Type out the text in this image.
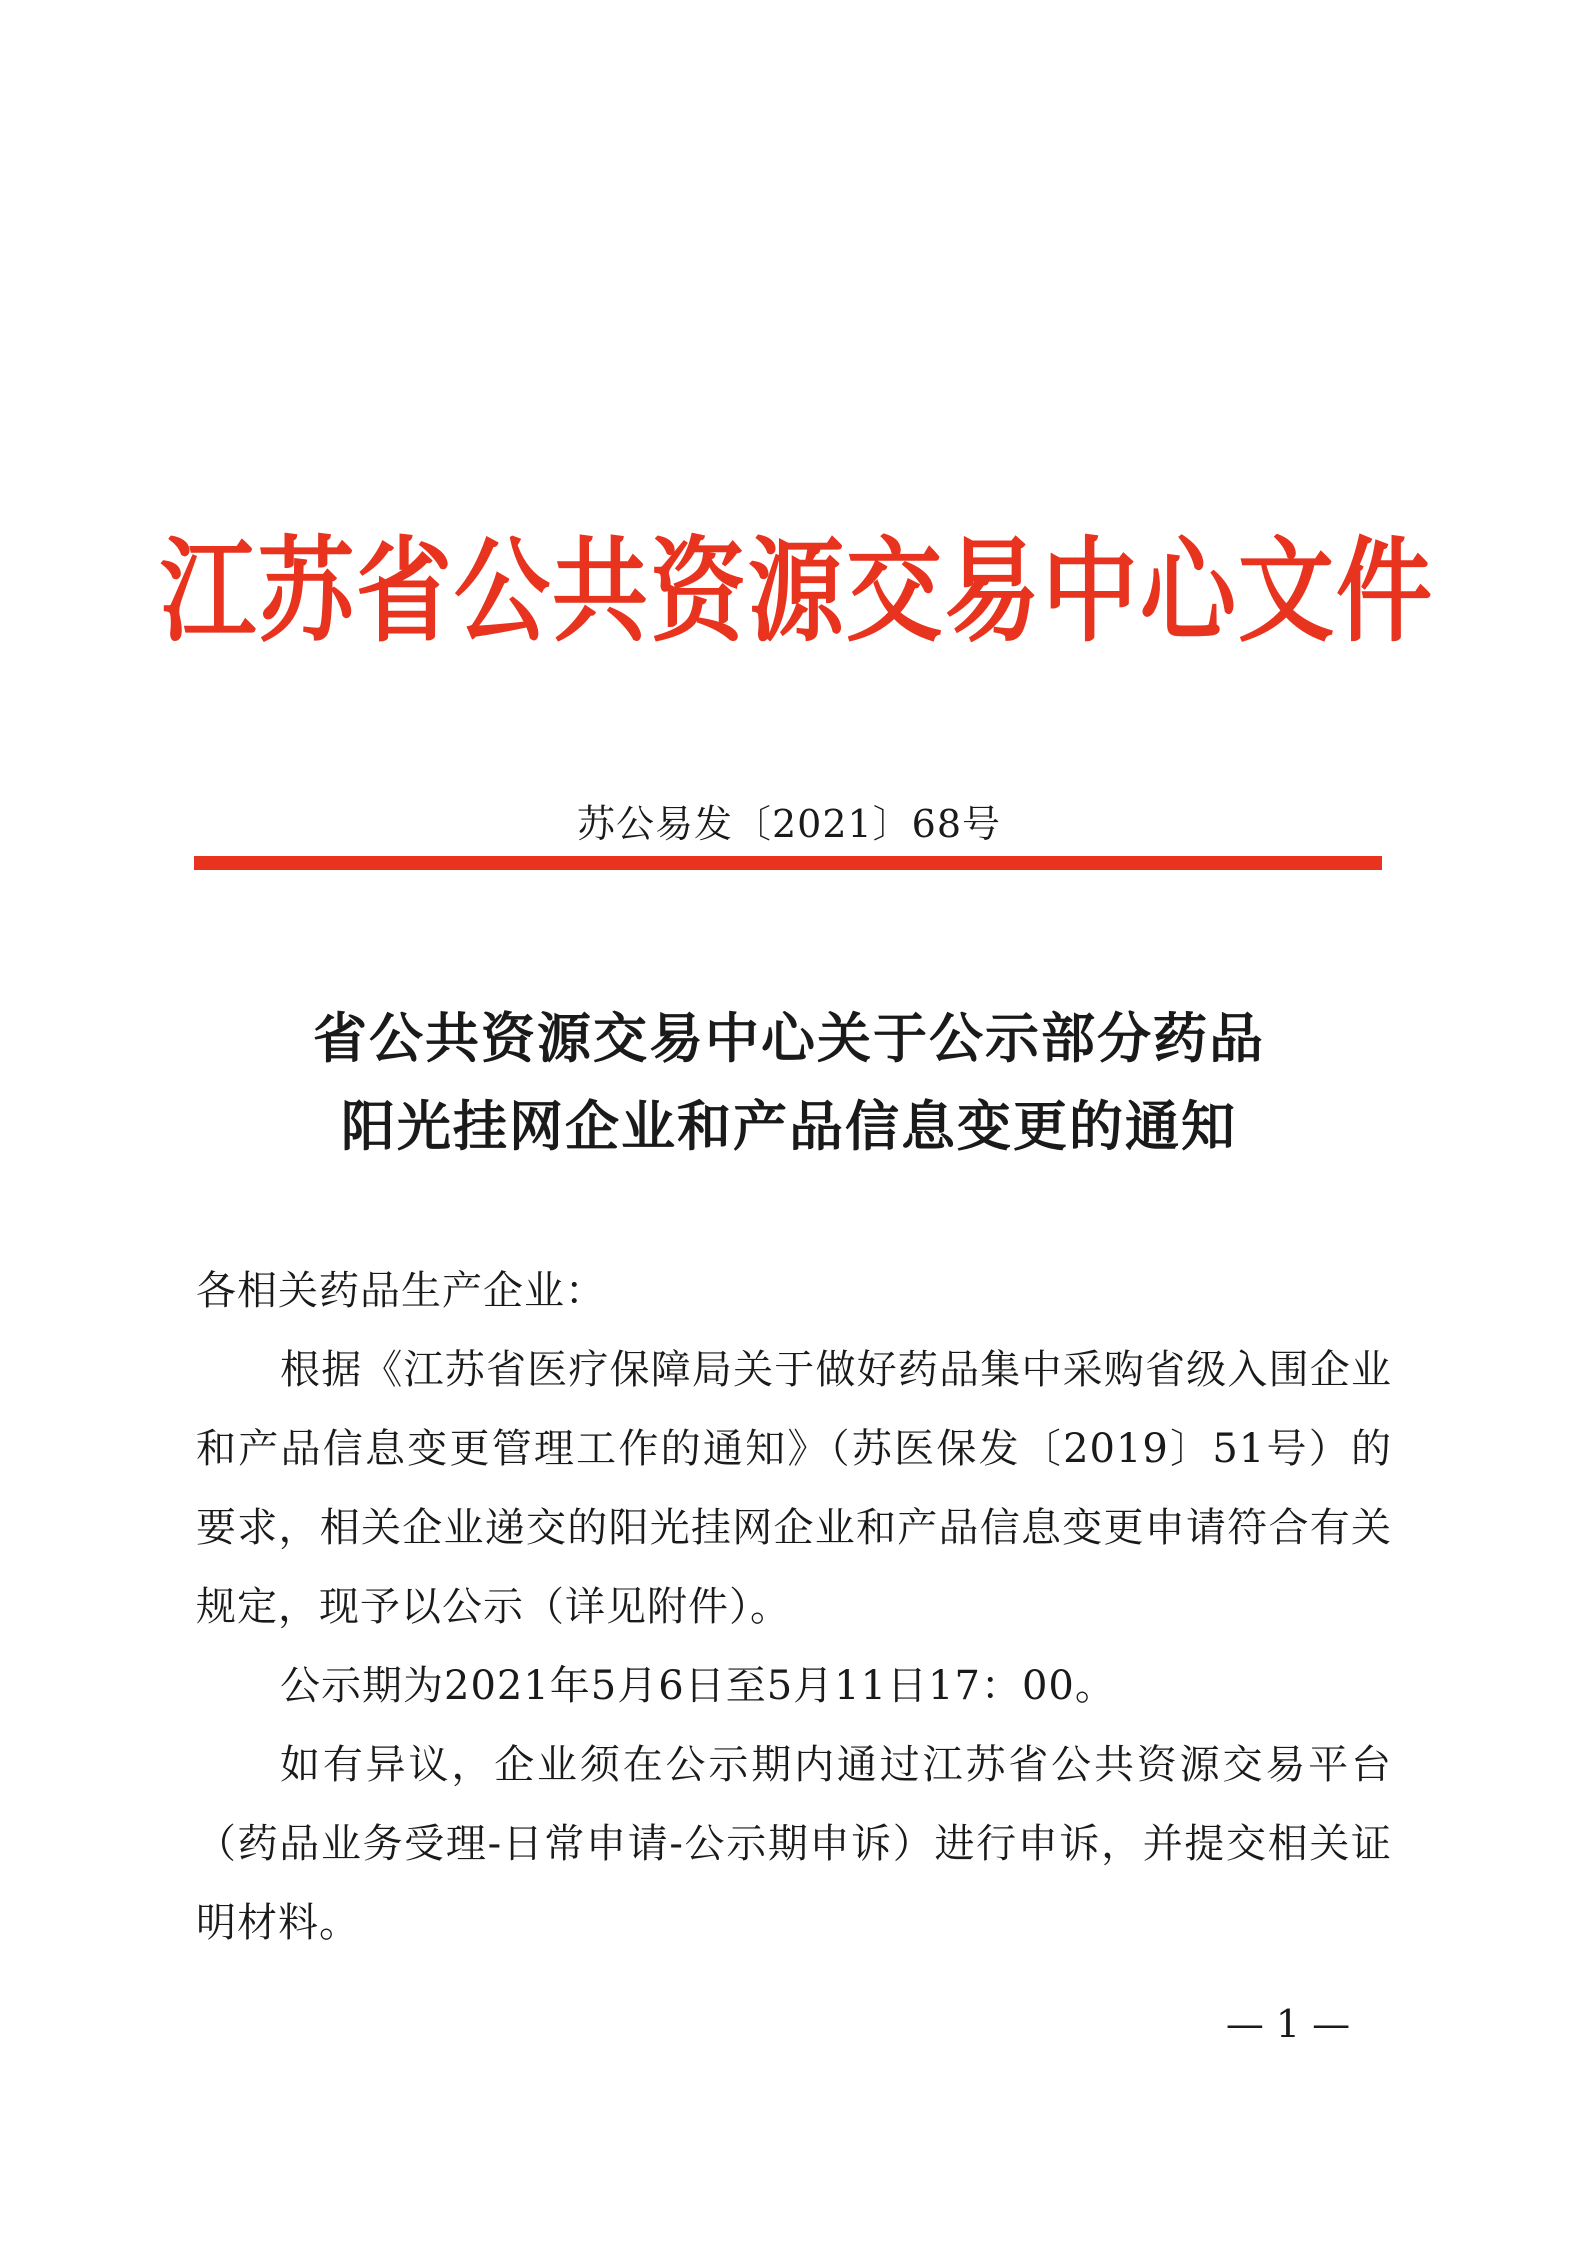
江苏省公共资源交易中心文件
苏公易发〔2021〕68号
省公共资源交易中心关于公示部分药品
阳光挂网企业和产品信息变更的通知
各相关药品生产企业：
根据《江苏省医疗保障局关于做好药品集中采购省级入围企业和产品信息变更管理工作的通知》（苏医保发〔2019〕51号）的要求，相关企业递交的阳光挂网企业和产品信息变更申请符合有关规定，现予以公示（详见附件）。
公示期为2021年5月6日至5月11日17：00。
如有异议，企业须在公示期内通过江苏省公共资源交易平台（药品业务受理-日常申请-公示期申诉）进行申诉，并提交相关证明材料。
— 1 —
